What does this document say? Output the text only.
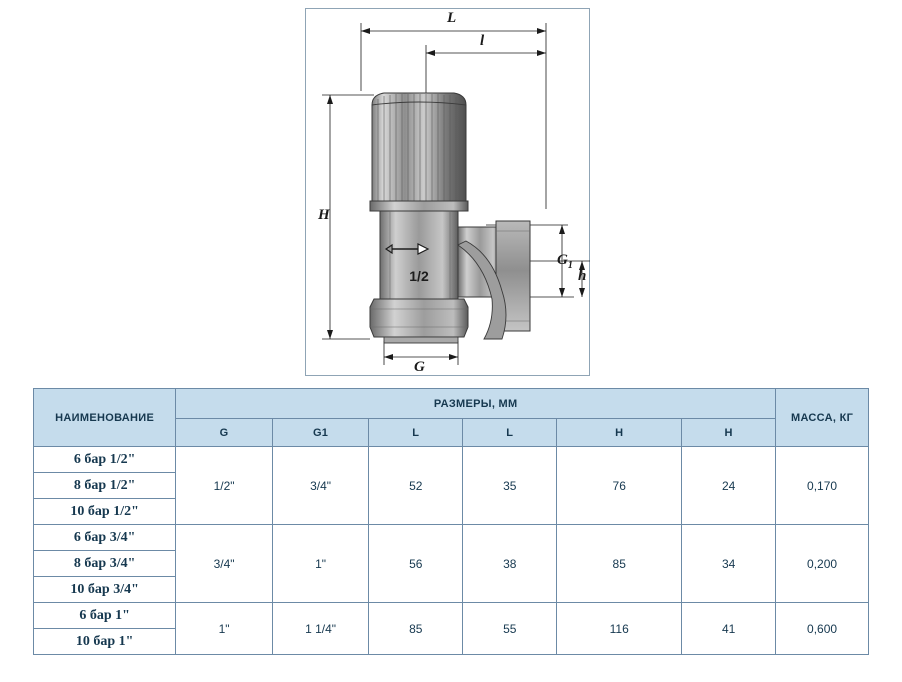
1/2
L
l
H
G
$G_1$
h
НАИМЕНОВАНИЕ	РАЗМЕРЫ, ММ						МАССА, КГ
	G	G1	L	L	H	H	
6 бар 1/2"	1/2"	3/4"	52	35	76	24	0,170
8 бар 1/2"							
10 бар 1/2"							
6 бар 3/4"	3/4"	1"	56	38	85	34	0,200
8 бар 3/4"							
10 бар 3/4"							
6 бар 1"	1"	1 1/4"	85	55	116	41	0,600
10 бар 1"							
